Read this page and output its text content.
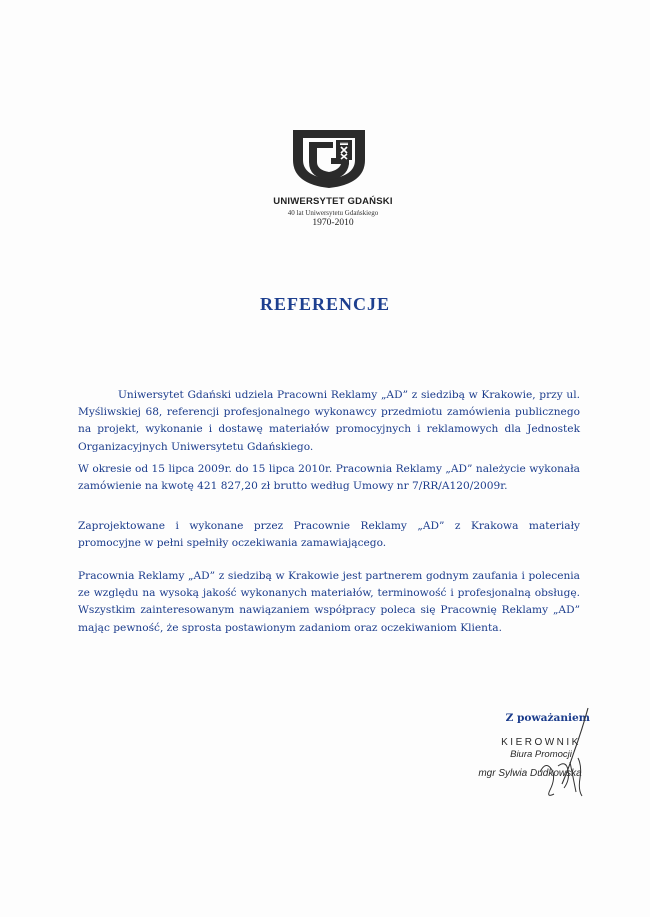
UNIWERSYTET GDAŃSKI
40 lat Uniwersytetu Gdańskiego
1970-2010
REFERENCJE

Uniwersytet Gdański udziela Pracowni Reklamy „AD” z siedzibą w Krakowie, przy ul. Myśliwskiej 68, referencji profesjonalnego wykonawcy przedmiotu zamówienia publicznego na projekt, wykonanie i dostawę materiałów promocyjnych i reklamowych dla Jednostek Organizacyjnych Uniwersytetu Gdańskiego.

W okresie od 15 lipca 2009r. do 15 lipca 2010r. Pracownia Reklamy „AD” należycie wykonała zamówienie na kwotę 421 827,20 zł brutto według Umowy nr 7/RR/A120/2009r.

Zaprojektowane i wykonane przez Pracownie Reklamy „AD” z Krakowa materiały promocyjne w pełni spełniły oczekiwania zamawiającego.

Pracownia Reklamy „AD” z siedzibą w Krakowie jest partnerem godnym zaufania i polecenia ze względu na wysoką jakość wykonanych materiałów, terminowość i profesjonalną obsługę. Wszystkim zainteresowanym nawiązaniem współpracy poleca się Pracownię Reklamy „AD” mając pewność, że sprosta postawionym zadaniom oraz oczekiwaniom Klienta.

Z poważaniem
KIEROWNIK
Biura Promocji
mgr Sylwia Dudkowska
